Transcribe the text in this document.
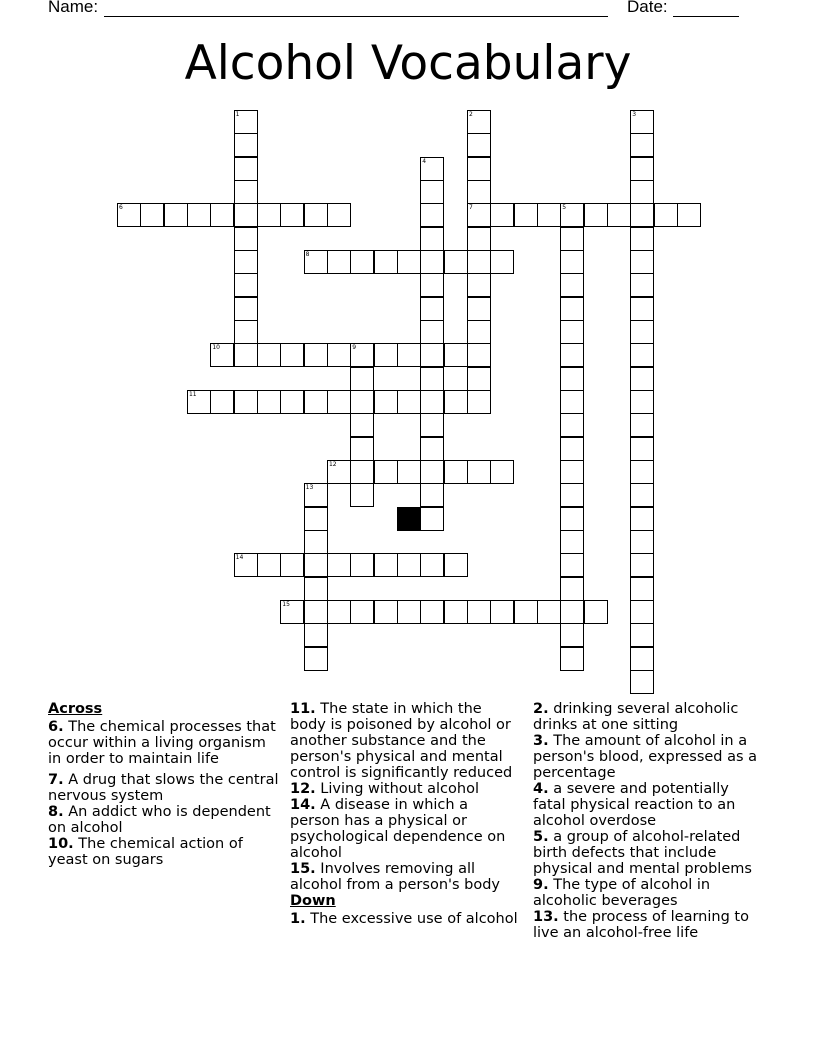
Name:	Date:
Alcohol Vocabulary
6	7	5
8
10	9
11
12
14
15
1	2	3
4
13
Across
6. The chemical processes that occur within a living organism in order to maintain life
7. A drug that slows the central nervous system
8. An addict who is dependent on alcohol
10. The chemical action of yeast on sugars
11. The state in which the body is poisoned by alcohol or another substance and the person's physical and mental control is significantly reduced
12. Living without alcohol
14. A disease in which a person has a physical or psychological dependence on alcohol
15. Involves removing all alcohol from a person's body
Down
1. The excessive use of alcohol
2. drinking several alcoholic drinks at one sitting
3. The amount of alcohol in a person's blood, expressed as a percentage
4. a severe and potentially fatal physical reaction to an alcohol overdose
5. a group of alcohol-related birth defects that include physical and mental problems
9. The type of alcohol in alcoholic beverages
13. the process of learning to live an alcohol-free life
